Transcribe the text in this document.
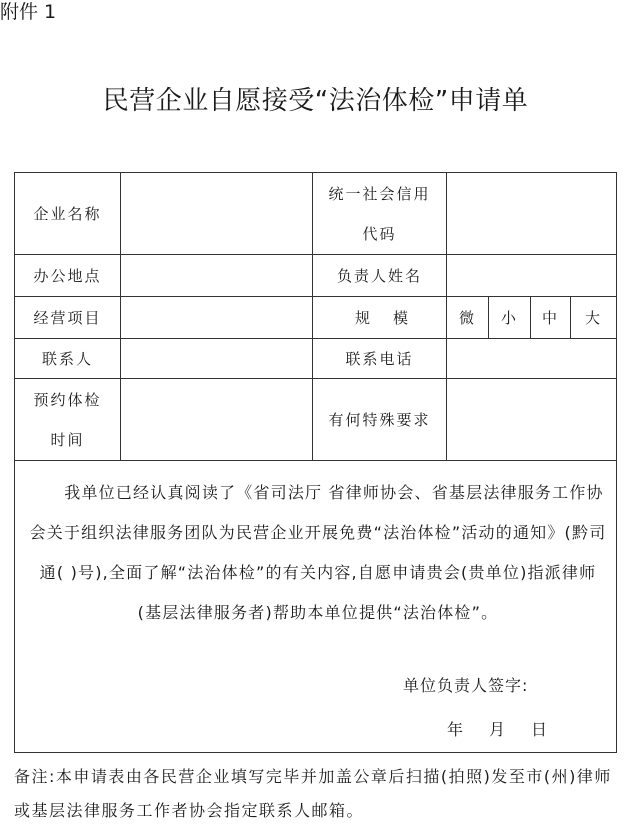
附件 1
民营企业自愿接受“法治体检”申请单
企业名称		统一社会信用
代码				
办公地点		负责人姓名				
经营项目		规 模	微	小	中	大
联系人		联系电话				
预约体检
时间		有何特殊要求				

我单位已经认真阅读了《省司法厅 省律师协会、省基层法律服务工作协会关于组织法律服务团队为民营企业开展免费“法治体检”活动的通知》(黔司通( )号),全面了解“法治体检”的有关内容,自愿申请贵会(贵单位)指派律师(基层法律服务者)帮助本单位提供“法治体检”。
单位负责人签字:
年 月 日						
备注:本申请表由各民营企业填写完毕并加盖公章后扫描(拍照)发至市(州)律师或基层法律服务工作者协会指定联系人邮箱。
